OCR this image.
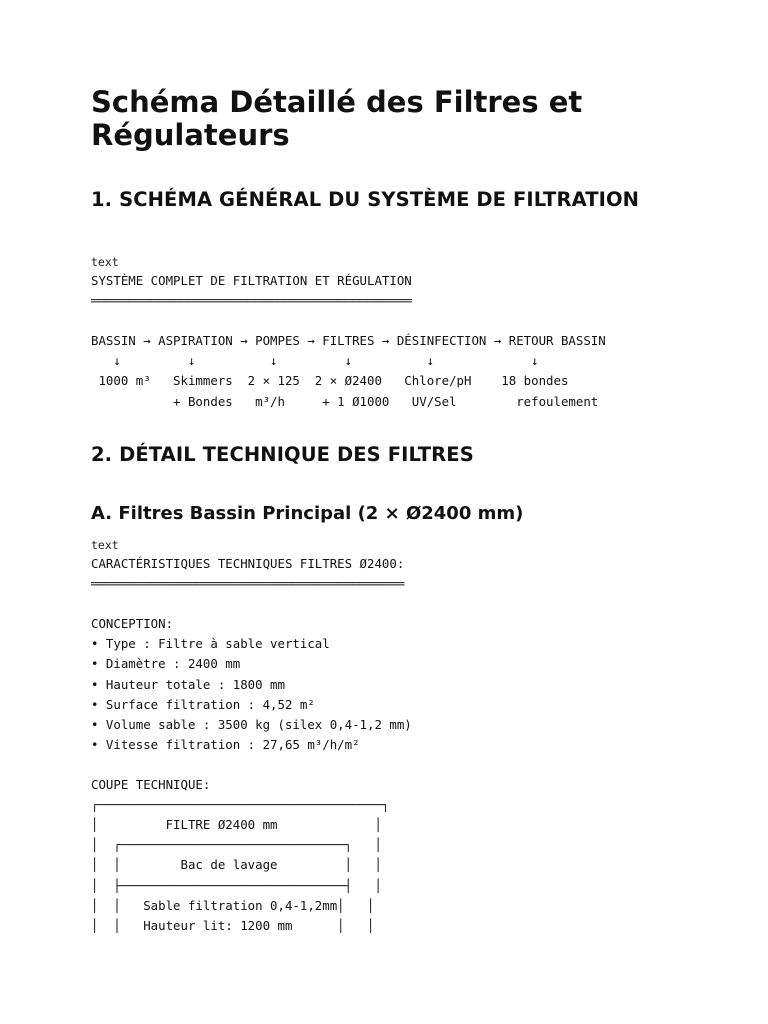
Schéma Détaillé des Filtres et
Régulateurs
1. SCHÉMA GÉNÉRAL DU SYSTÈME DE FILTRATION
text
SYSTÈME COMPLET DE FILTRATION ET RÉGULATION
═══════════════════════════════════════════
BASSIN → ASPIRATION → POMPES → FILTRES → DÉSINFECTION → RETOUR BASSIN
↓         ↓          ↓         ↓          ↓             ↓
1000 m³   Skimmers  2 × 125  2 × Ø2400   Chlore/pH    18 bondes
+ Bondes   m³/h     + 1 Ø1000   UV/Sel        refoulement
2. DÉTAIL TECHNIQUE DES FILTRES
A. Filtres Bassin Principal (2 × Ø2400 mm)
text
CARACTÉRISTIQUES TECHNIQUES FILTRES Ø2400:
══════════════════════════════════════════
CONCEPTION:
• Type : Filtre à sable vertical
• Diamètre : 2400 mm
• Hauteur totale : 1800 mm
• Surface filtration : 4,52 m²
• Volume sable : 3500 kg (silex 0,4-1,2 mm)
• Vitesse filtration : 27,65 m³/h/m²
COUPE TECHNIQUE:
┌──────────────────────────────────────┐
│         FILTRE Ø2400 mm             │
│  ┌──────────────────────────────┐   │
│  │        Bac de lavage         │   │
│  ├──────────────────────────────┤   │
│  │   Sable filtration 0,4-1,2mm│   │
│  │   Hauteur lit: 1200 mm      │   │
